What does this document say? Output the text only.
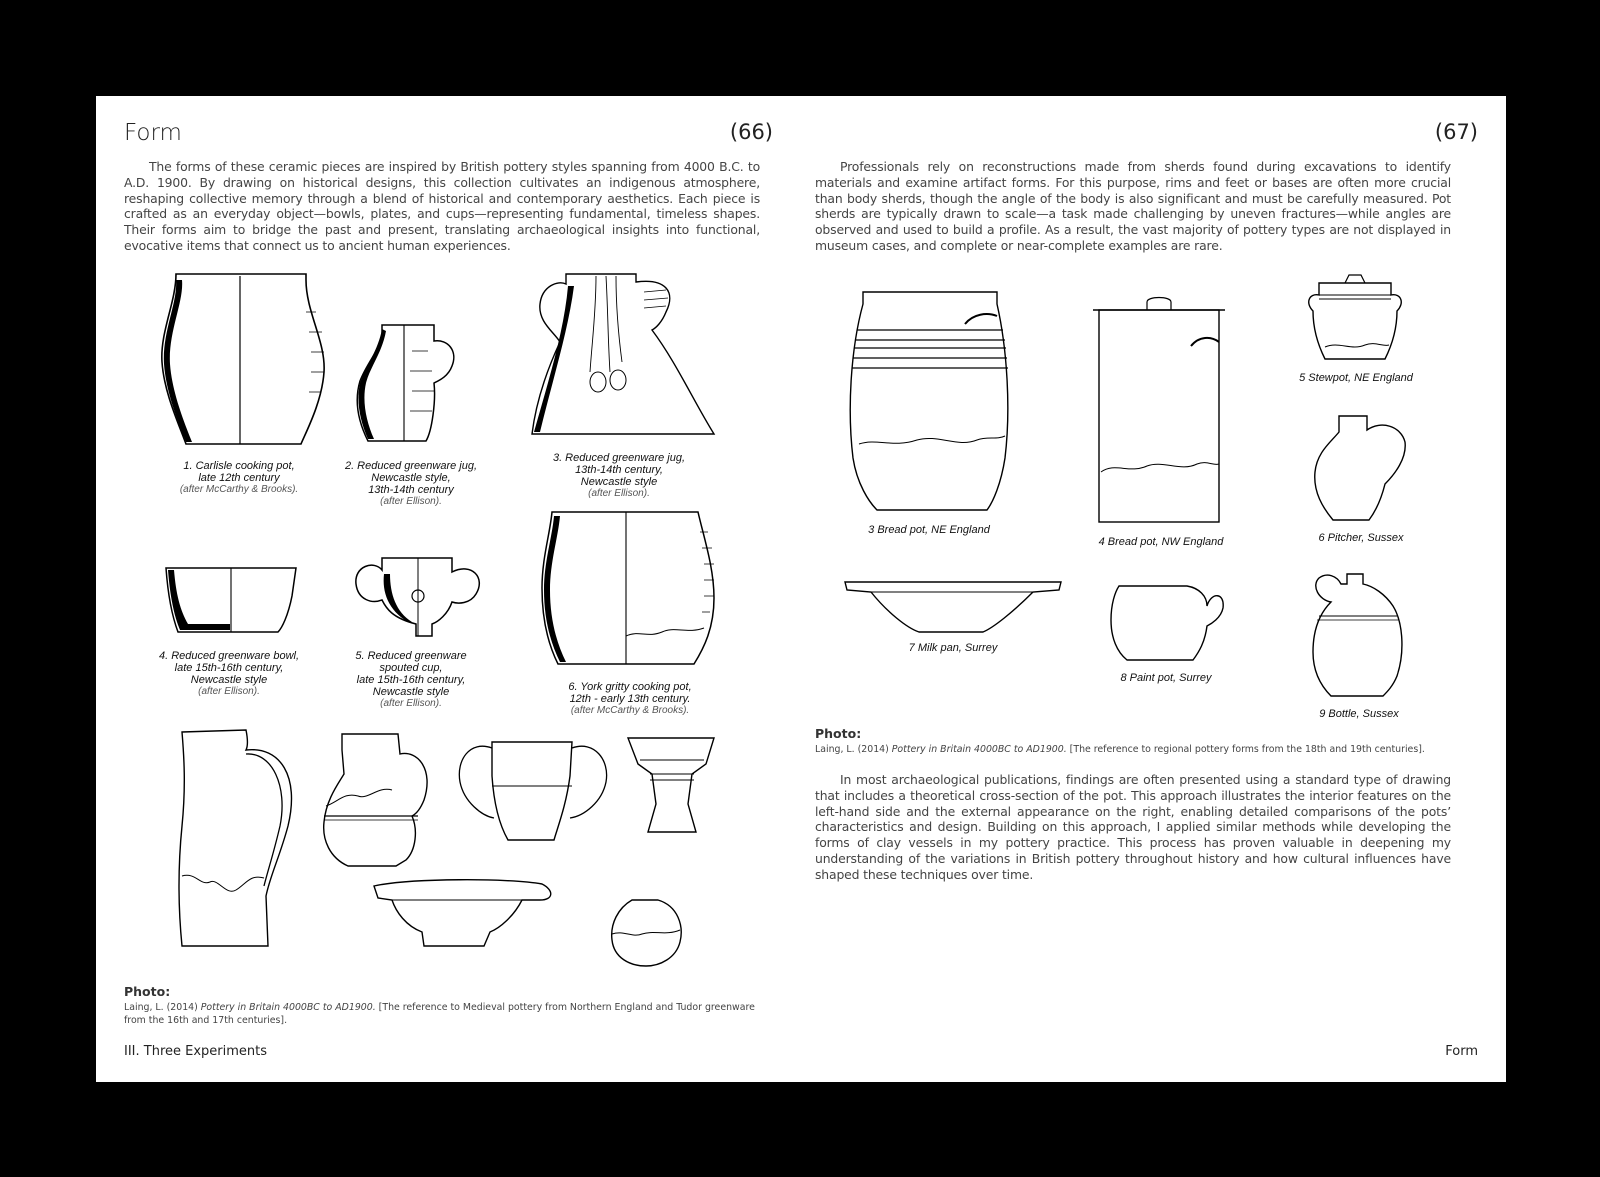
Form	(66)
The forms of these ceramic pieces are inspired by British pottery styles spanning from 4000 B.C. to A.D. 1900. By drawing on historical designs, this collection cultivates an indigenous atmosphere, reshaping collective memory through a blend of historical and contemporary aesthetics. Each piece is crafted as an everyday object—bowls, plates, and cups—representing fundamental, timeless shapes. Their forms aim to bridge the past and present, translating archaeological insights into functional, evocative items that connect us to ancient human experiences.
1. Carlisle cooking pot,
late 12th century
(after McCarthy & Brooks).
2. Reduced greenware jug,
Newcastle style,
13th-14th century
(after Ellison).
3. Reduced greenware jug,
13th-14th century,
Newcastle style
(after Ellison).
4. Reduced greenware bowl,
late 15th-16th century,
Newcastle style
(after Ellison).
5. Reduced greenware
spouted cup,
late 15th-16th century,
Newcastle style
(after Ellison).
6. York gritty cooking pot,
12th - early 13th century.
(after McCarthy & Brooks).
Photo:
Laing, L. (2014) Pottery in Britain 4000BC to AD1900. [The reference to Medieval pottery from Northern England and Tudor greenware from the 16th and 17th centuries].
III. Three Experiments
(67)
Professionals rely on reconstructions made from sherds found during excavations to identify materials and examine artifact forms. For this purpose, rims and feet or bases are often more crucial than body sherds, though the angle of the body is also significant and must be carefully measured. Pot sherds are typically drawn to scale—a task made challenging by uneven fractures—while angles are observed and used to build a profile. As a result, the vast majority of pottery types are not displayed in museum cases, and complete or near-complete examples are rare.
3 Bread pot, NE England
4 Bread pot, NW England
5 Stewpot, NE England
6 Pitcher, Sussex
7 Milk pan, Surrey
8 Paint pot, Surrey
9 Bottle, Sussex
Photo:
Laing, L. (2014) Pottery in Britain 4000BC to AD1900. [The reference to regional pottery forms from the 18th and 19th centuries].
In most archaeological publications, findings are often presented using a standard type of drawing that includes a theoretical cross-section of the pot. This approach illustrates the interior features on the left-hand side and the external appearance on the right, enabling detailed comparisons of the pots’ characteristics and design. Building on this approach, I applied similar methods while developing the forms of clay vessels in my pottery practice. This process has proven valuable in deepening my understanding of the variations in British pottery throughout history and how cultural influences have shaped these techniques over time.
Form
